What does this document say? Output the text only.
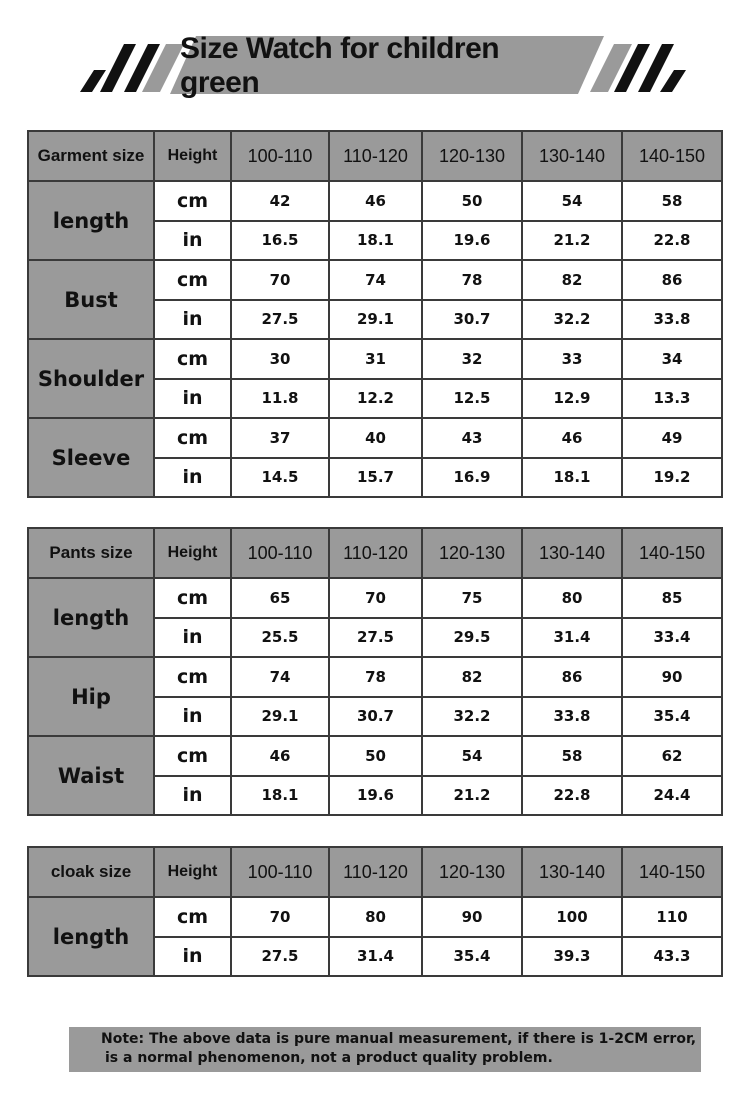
Size Watch for children green
Garment size	Height	100-110	110-120	120-130	130-140	140-150
length	cm	42	46	50	54	58
	in	16.5	18.1	19.6	21.2	22.8
Bust	cm	70	74	78	82	86
	in	27.5	29.1	30.7	32.2	33.8
Shoulder	cm	30	31	32	33	34
	in	11.8	12.2	12.5	12.9	13.3
Sleeve	cm	37	40	43	46	49
	in	14.5	15.7	16.9	18.1	19.2
Pants size	Height	100-110	110-120	120-130	130-140	140-150
length	cm	65	70	75	80	85
	in	25.5	27.5	29.5	31.4	33.4
Hip	cm	74	78	82	86	90
	in	29.1	30.7	32.2	33.8	35.4
Waist	cm	46	50	54	58	62
	in	18.1	19.6	21.2	22.8	24.4
cloak size	Height	100-110	110-120	120-130	130-140	140-150
length	cm	70	80	90	100	110
	in	27.5	31.4	35.4	39.3	43.3
Note: The above data is pure manual measurement, if there is 1-2CM error,
is a normal phenomenon, not a product quality problem.
